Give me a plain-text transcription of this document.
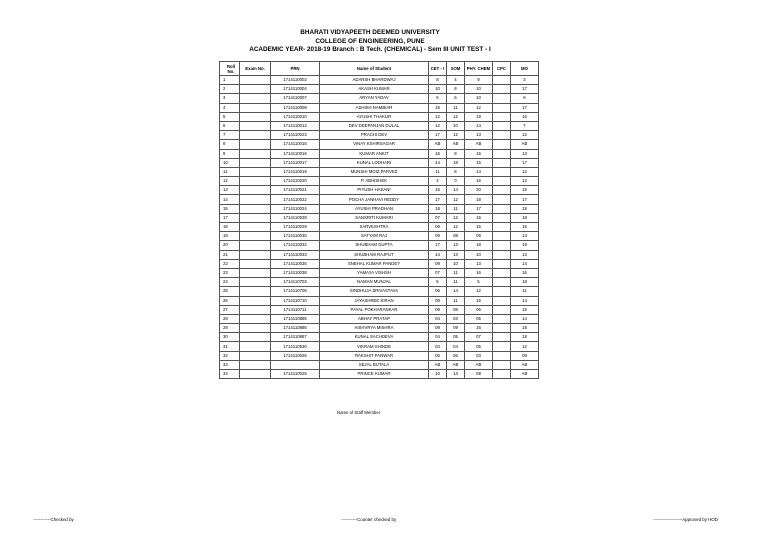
BHARATI VIDYAPEETH DEEMED UNIVERSITY
COLLEGE OF ENGINEERING, PUNE
ACADEMIC YEAR- 2018-19 Branch : B Tech. (CHEMICAL) - Sem III UNIT TEST - I
Roll No.	Exam No.	PRN	Name of Student	CET - I	SOM	PHY. CHEM	CPC	MO
1		1714110002	ADARSH BHARDWAJ	8	4	9		3
2		1714110004	AKASH KUMAR	10	8	10		17
3		1714110007	ARYAN YADAV	6	5	10		6
4		1714110008	ASHISH NAMBIAR	15	11	12		17
5		1714110010	AYUSHI THAKUR	12	12	19		16
6		1714110012	DEV DEEPANJAN DULAL	12	10	14		7
7		1714110023	PRACHI DEV	17	12	13		12
8		1714110015	VINAY KSHIRSAGAR	AB	AB	AB		AB
9		1714110016	KUMAR ANKIT	16	9	15		13
10		1714110017	KUNAL LODHARI	14	18	16		17
11		1714110019	MUNSHI MOIZ PARVEZ	11	8	14		12
12		1714110020	P. ABHISHEK	4	0	16		12
13		1714110021	PIYUSH HASANI	16	14	20		15
14		1714110022	POCHA JANHAVI REDDY	17	12	18		17
15		1714110024	AYUSHI PRADHAN	18	11	17		18
17		1714110028	SANSRITI KUMARI	07	12	15		18
18		1714110029	SARVESHTRA	09	12	15		16
19		1714110030	SATYAM RAJ	09	08	09		13
20		1714110032	SHUBHAM GUPTA	17	13	18		19
21		1714110033	SHUBHAM RAJPUT	14	13	10		13
22		1714110035	SNEHAL KUMAR PANDEY	09	10	13		14
23		1714110038	YAMAYA VISHSH	07	11	16		16
24		1714110703	NAMAN MUNJAL	5	11	5		18
25		1714110706	SINDHUJA SRIVASTAVA	06	14	12		11
26		1714110710	JAYASHREE KIRAN	08	11	15		14
27		1714110711	PAYAL POKHARANKAR	09	08	06		15
28		1714110885	ABHAY PRATAP	04	03	05		14
29		1714110886	AISHVRYA MISHRA	09	09	16		18
30		1714110887	KUNAL SACHDEVA	04	05	07		18
31		1714110930	VIKRAM SHINDE	04	04	05		12
32		1714110026	RAKSHIT PANWAR	05	06	03		09
33			SEJAL BUTALA	AB	AB	AB		AB
34		1714110025	PRINCE KUMAR	10	13	08		AB
Name of Staff Member
------------Checked by	-----------Counter checked by	--------------------Approved by HOD
